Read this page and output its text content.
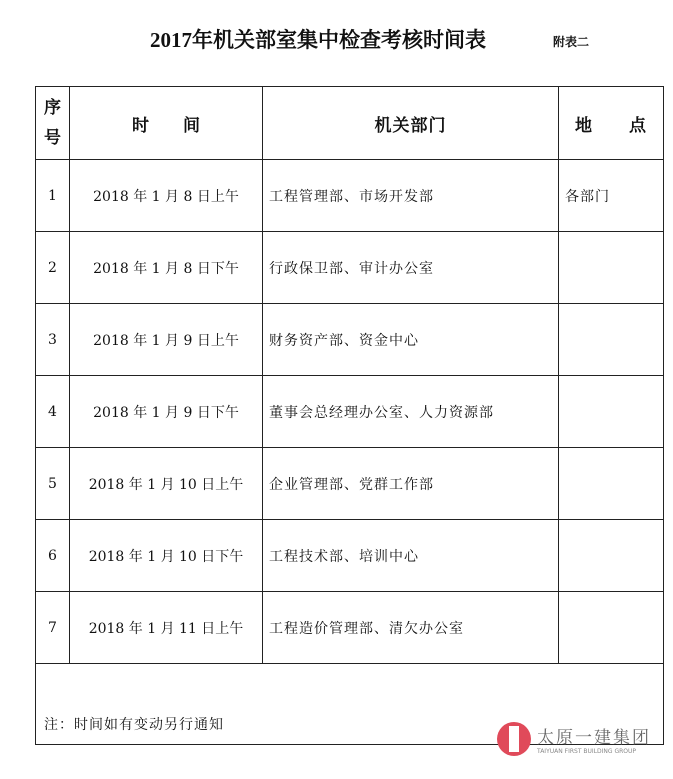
2017年机关部室集中检查考核时间表	附表二
序号	时　　间	机关部门	地　　点
1	2018 年 1 月 8 日上午	工程管理部、市场开发部	各部门
2	2018 年 1 月 8 日下午	行政保卫部、审计办公室	
3	2018 年 1 月 9 日上午	财务资产部、资金中心	
4	2018 年 1 月 9 日下午	董事会总经理办公室、人力资源部	
5	2018 年 1 月 10 日上午	企业管理部、党群工作部	
6	2018 年 1 月 10 日下午	工程技术部、培训中心	
7	2018 年 1 月 11 日上午	工程造价管理部、清欠办公室	
注：时间如有变动另行通知			
太原一建集团
TAIYUAN FIRST BUILDING GROUP
